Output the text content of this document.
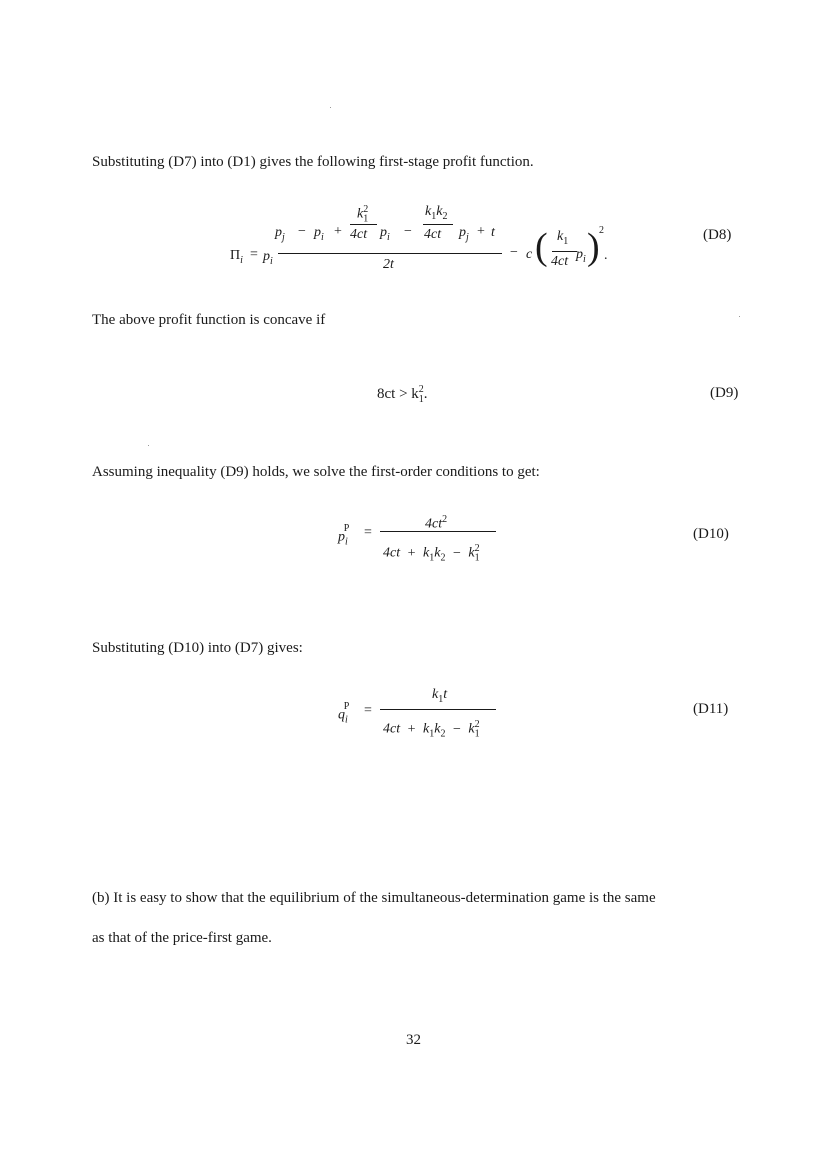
Substituting (D7) into (D1) gives the following first-stage profit function.
$\Pi_i = p_i$
$p_j - p_i$ +
$k_1^2$
4ct $p_i$ −
$k_1k_2$
4ct $p_j + t$
2t
− c ( $k_1$
4ct $p_i$ ) 2
.
(D8)
The above profit function is concave if
$8ct > k_1^2$.	(D9)
Assuming inequality (D9) holds, we solve the first-order conditions to get:
$p_i^P$ =
$4ct^2$
$4ct + k_1k_2 - k_1^2$
(D10)
Substituting (D10) into (D7) gives:
$q_i^P$ =
$k_1t$
$4ct + k_1k_2 - k_1^2$
(D11)
(b) It is easy to show that the equilibrium of the simultaneous-determination game is the same
as that of the price-first game.
32
